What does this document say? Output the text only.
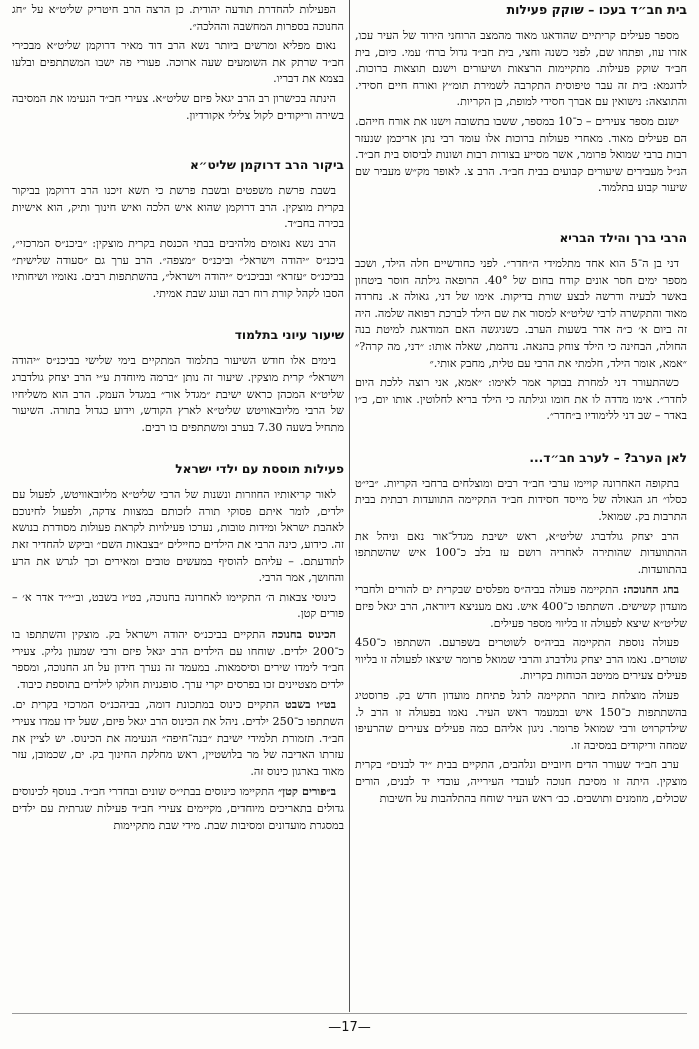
בית חב״ד בעכו – שוקק פעילות

מספר פעילים קריתיים שהודאגו מאוד מהמצב הרוחני הירוד של העיר עכו, אזרו עוז, ופתחו שם, לפני כשנה וחצי, בית חב״ד גדול ברח׳ עמי. כיום, בית חב״ד שוקק פעילות. מתקיימות הרצאות ושיעורים וישנם תוצאות ברוכות. לדוגמא: בית זה עבר טיפוסית התקרבה לשמירת תומ״ץ ואורח חיים חסידי. והתוצאה: נישואין עם אברך חסידי למופת, בן הקריות.

ישנם מספר צעירים – כ־10 במספר, ששבו בתשובה וישנו את אורח חייהם. הם פעילים מאוד. מאחרי פעולות ברוכות אלו עומד רבי נתן אריכמן שנעזר רבות ברבי שמואל פרומר, אשר מסייע בצורות רבות ושונות לביסוס בית חב״ד. הנ״ל מעבירים שיעורים קבועים בבית חב״ד. הרב צ. לאופר מק״ש מעביר שם שיעור קבוע בתלמוד.

הרבי ברך והילד הבריא

דני בן ה־5 הוא אחד מתלמידי ה״חדר״. לפני כחודשיים חלה הילד, ושכב מספר ימים חסר אונים קודח בחום של 40°. הרופאה גילתה חוסר ביטחון באשר לבעיה ודרשה לבצע שורת בדיקות. אימו של דני, גאולה א. נחרדה מאוד והתקשרה לרבי שליט״א למסור את שם הילד לברכת רפואה שלמה. היה זה ביום א׳ כ״ה אדר בשעות הערב. כשניגשה האם המודאגת למיטת בנה החולה, הבחינה כי הילד צוחק בהנאה. נדהמת, שאלה אותו: ״דני, מה קרה?״ ״אמא, אומר הילד, חלמתי את הרבי עם טלית, מחבק אותי.״

כשהתעורר דני למחרת בבוקר אמר לאימו: ״אמא, אני רוצה ללכת היום לחדר״. אימו מדדה לו את חומו וגילתה כי הילד בריא לחלוטין. אותו יום, כ״ו באדר – שב דני ללימודיו ב״חדר״.

לאן הערב? – לערב חב״ד...

בתקופה האחרונה קויימו ערבי חב״ד רבים ומוצלחים ברחבי הקריות. ״בי״ט כסלו״ חג הגאולה של מייסד חסידות חב״ד התקיימה התוועדות רבתית בבית התרבות בק. שמואל.

הרב יצחק גולדברג שליט״א, ראש ישיבת מגדל־אור נאם וניהל את ההתוועדות שהותירה לאחריה רושם עז בלב כ־100 איש שהשתתפו בהתוועדות.

בחג החנוכה: התקיימה פעולה בביה״ס מפלסים שבקרית ים להורים ולחברי מועדון קשישים. השתתפו כ־400 איש. נאם מעניצא דיוראה, הרב יגאל פיזם שליט״א שיצא לפעולה זו בליווי מספר פעילים.

פעולה נוספת התקיימה בביה״ס לשוטרים בשפרעם. השתתפו כ־450 שוטרים. נאמו הרב יצחק גולדברג והרבי שמואל פרומר שיצאו לפעולה זו בליווי פעילים צעירים ממיטב הכוחות בקריות.

פעולה מוצלחת ביותר התקיימה לרגל פתיחת מועדון חדש בק. פרוסטיג בהשתתפות כ־150 איש ובמעמד ראש העיר. נאמו בפעולה זו הרב ל. שילדקרויט ורבי שמואל פרומר. ניגון אליהם כמה פעילים צעירים שהרעיפו שמחה וריקודים במסיבה זו.

ערב חב״ד שעורר הדים חיוביים ונלהבים, התקיים בבית ״יד לבנים״ בקרית מוצקין. היתה זו מסיבת חנוכה לעובדי העירייה, עובדי יד לבנים, הורים שכולים, מוזמנים ותושבים. כב׳ ראש העיר שוחח בהתלהבות על חשיבות

הפעילות להחדרת תודעה יהודית. כן הרצה הרב חיטריק שליט״א על ״חג החנוכה בספרות המחשבה וההלכה״.

נאום מפליא ומרשים ביותר נשא הרב דוד מאיר דרוקמן שליט״א מבכירי חב״ד שרתק את השומעים שעה ארוכה. פעורי פה ישבו המשתתפים ובלעו בצמא את דבריו.

הינתה בכישרון רב הרב יגאל פיזם שליט״א. צעירי חב״ד הנעימו את המסיבה בשירה וריקודים לקול צלילי אקורדיון.

ביקור הרב דרוקמן שליט״א

בשבת פרשת משפטים ובשבת פרשת כי תשא זיכנו הרב דרוקמן בביקור בקרית מוצקין. הרב דרוקמן שהוא איש הלכה ואיש חינוך ותיק, הוא אישיות בכירה בחב״ד.

הרב נשא נאומים מלהיבים בבתי הכנסת בקרית מוצקין: ״ביכנ״ס המרכזי״, ביכנ״ס ״יהודה וישראל״ וביכנ״ס ״מצפה״. הרב ערך גם ״סעודה שלישית״ בביכנ״ס ״עזרא״ ובביכנ״ס ״יהודה וישראל״, בהשתתפות רבים. נאומיו ושיחותיו הסבו לקהל קורת רוח רבה ועונג שבת אמיתי.

שיעור עיוני בתלמוד

בימים אלו חודש השיעור בתלמוד המתקיים בימי שלישי בביכנ״ס ״יהודה וישראל״ קרית מוצקין. שיעור זה נותן ״ברמה מיוחדת ע״י הרב יצחק גולדברג שליט״א המכהן כראש ישיבת ״מגדל אור״ במגדל העמק. הרב הוא משליחיו של הרבי מליובאוויטש שליט״א לארץ הקודש, וידוע כגדול בתורה. השיעור מתחיל בשעה 7.30 בערב ומשתתפים בו רבים.

פעילות תוססת עם ילדי ישראל

לאור קריאותיו החוזרות ונשנות של הרבי שליט״א מליובאוויטש, לפעול עם ילדים, לומר איתם פסוקי תורה לזכותם במצוות צדקה, ולפעול לחינוכם לאהבת ישראל ומידות טובות, נערכו פעילויות לקראת פעולות מסודרת בנושא זה. כידוע, כינה הרבי את הילדים כחיילים ״בצבאות השם״ וביקש להחדיר זאת לתודעתם. – עליהם להוסיף במעשים טובים ומאירים וכך לגרש את הרע והחושך, אמר הרבי.

כינוסי צבאות ה׳ התקיימו לאחרונה בחנוכה, בט״ו בשבט, וב״י״ד אדר א׳ – פורים קטן.

הכינוס בחנוכה התקיים בביכנ״ס יהודה וישראל בק. מוצקין והשתתפו בו כ־200 ילדים. שוחחו עם הילדים הרב יגאל פיזם ורבי שמעון גליק. צעירי חב״ד לימדו שירים וסיסמאות. במעמד זה נערך חידון על חג החנוכה, ומספר ילדים מצטיינים זכו בפרסים יקרי ערך. סופגניות חולקו לילדים בתוספת כיבוד.

בט״ו בשבט התקיים כינוס במתכונת דומה, בביהכנ״ס המרכזי בקרית ים. השתתפו כ־250 ילדים. ניהל את הכינוס הרב יגאל פיזם, שעל ידו עמדו צעירי חב״ד. תזמורת תלמידי ישיבת ״בנה־חיפה״ הנעימה את הכינוס. יש לציין את עזרתו האדיבה של מר בלושטיין, ראש מחלקת החינוך בק. ים, שכמובן, עזר מאוד בארגון כינוס זה.

ב״פורים קטן״ התקיימו כינוסים בבתי״ס שונים ובחדרי חב״ד. בנוסף לכינוסים גדולים בתאריכים מיוחדים, מקיימים צעירי חב״ד פעילות שגרתית עם ילדים במסגרת מועדונים ומסיבות שבת. מידי שבת מתקיימות

—17—
